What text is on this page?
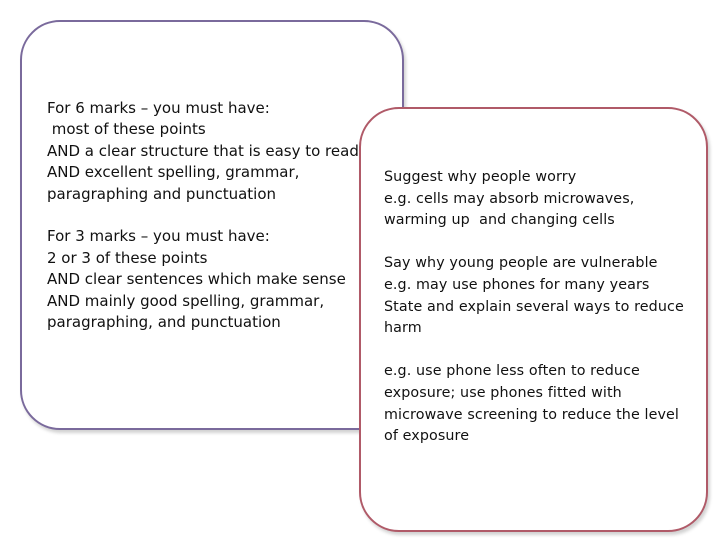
For 6 marks – you must have:
most of these points
AND a clear structure that is easy to read
AND excellent spelling, grammar,
paragraphing and punctuation
For 3 marks – you must have:
2 or 3 of these points
AND clear sentences which make sense
AND mainly good spelling, grammar,
paragraphing, and punctuation
Suggest why people worry
e.g. cells may absorb microwaves,
warming up  and changing cells
Say why young people are vulnerable
e.g. may use phones for many years
State and explain several ways to reduce
harm
e.g. use phone less often to reduce
exposure; use phones fitted with
microwave screening to reduce the level
of exposure
